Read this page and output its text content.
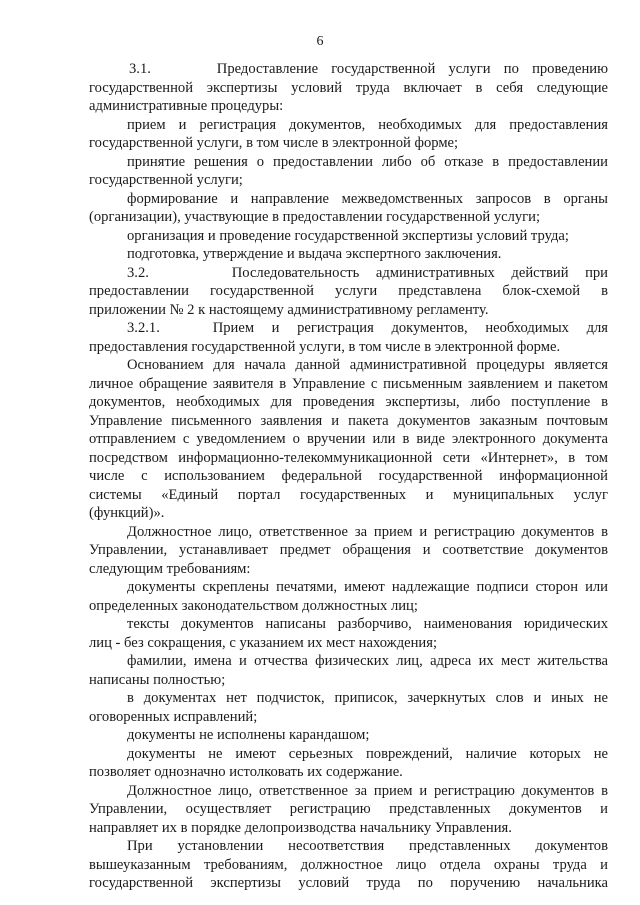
6
3.1.     Предоставление государственной услуги по проведению
государственной экспертизы условий труда включает в себя следующие
административные процедуры:
прием и регистрация документов, необходимых для предоставления
государственной услуги, в том числе в электронной форме;
принятие решения о предоставлении либо об отказе в предоставлении
государственной услуги;
формирование и направление межведомственных запросов в органы
(организации), участвующие в предоставлении государственной услуги;
организация и проведение государственной экспертизы условий труда;
подготовка, утверждение и выдача экспертного заключения.
3.2.     Последовательность административных действий при
предоставлении государственной услуги представлена блок-схемой в
приложении № 2 к настоящему административному регламенту.
3.2.1.   Прием и регистрация документов, необходимых для
предоставления государственной услуги, в том числе в электронной форме.
Основанием для начала данной административной процедуры является
личное обращение заявителя в Управление с письменным заявлением и пакетом
документов, необходимых для проведения экспертизы, либо поступление в
Управление письменного заявления и пакета документов заказным почтовым
отправлением с уведомлением о вручении или в виде электронного документа
посредством информационно-телекоммуникационной сети «Интернет», в том
числе с использованием федеральной государственной информационной
системы «Единый портал государственных и муниципальных услуг
(функций)».
Должностное лицо, ответственное за прием и регистрацию документов в
Управлении, устанавливает предмет обращения и соответствие документов
следующим требованиям:
документы скреплены печатями, имеют надлежащие подписи сторон или
определенных законодательством должностных лиц;
тексты документов написаны разборчиво, наименования юридических
лиц - без сокращения, с указанием их мест нахождения;
фамилии, имена и отчества физических лиц, адреса их мест жительства
написаны полностью;
в документах нет подчисток, приписок, зачеркнутых слов и иных не
оговоренных исправлений;
документы не исполнены карандашом;
документы не имеют серьезных повреждений, наличие которых не
позволяет однозначно истолковать их содержание.
Должностное лицо, ответственное за прием и регистрацию документов в
Управлении, осуществляет регистрацию представленных документов и
направляет их в порядке делопроизводства начальнику Управления.
При установлении несоответствия представленных документов
вышеуказанным требованиям, должностное лицо отдела охраны труда и
государственной экспертизы условий труда по поручению начальника
